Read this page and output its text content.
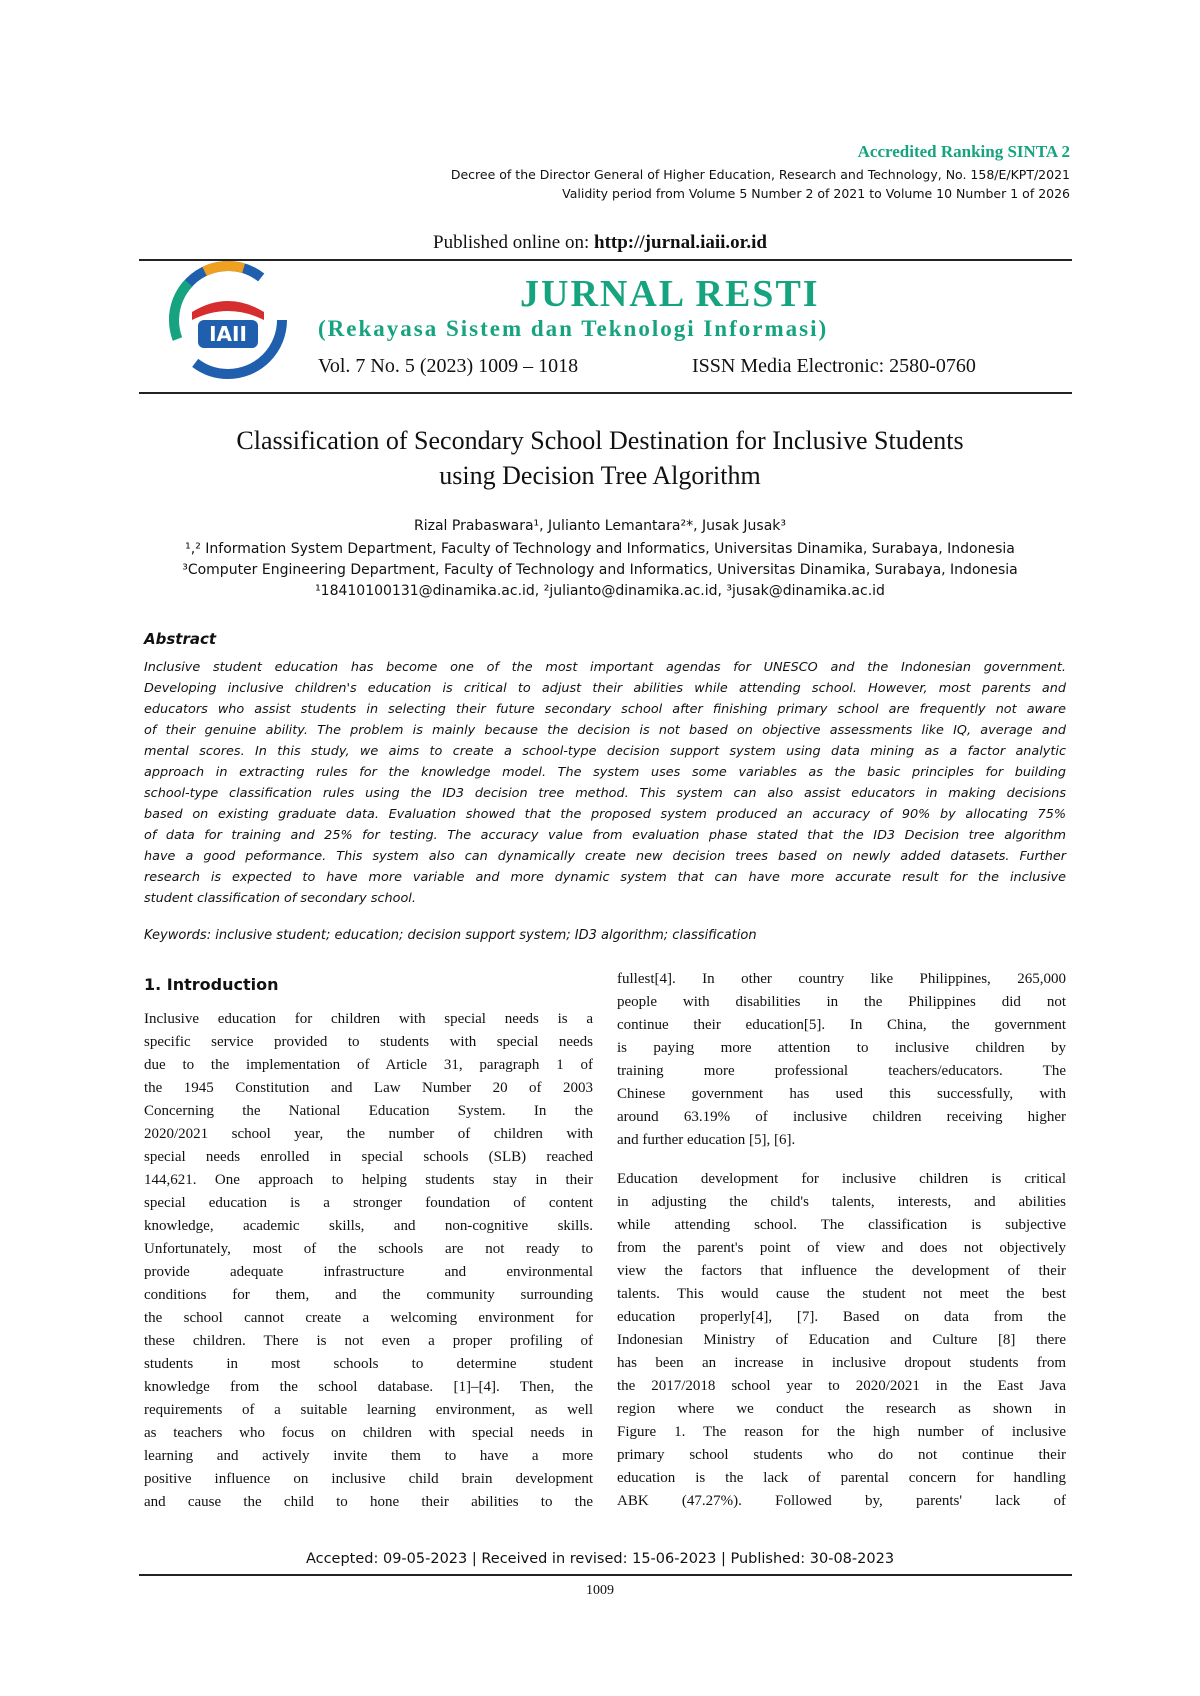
Accredited Ranking SINTA 2
Decree of the Director General of Higher Education, Research and Technology, No. 158/E/KPT/2021
Validity period from Volume 5 Number 2 of 2021 to Volume 10 Number 1 of 2026
Published online on: http://jurnal.iaii.or.id
IAII
JURNAL RESTI
(Rekayasa Sistem dan Teknologi Informasi)
Vol. 7 No. 5 (2023) 1009 – 1018	ISSN Media Electronic: 2580-0760
Classification of Secondary School Destination for Inclusive Students
using Decision Tree Algorithm
Rizal Prabaswara¹, Julianto Lemantara²*, Jusak Jusak³
¹,² Information System Department, Faculty of Technology and Informatics, Universitas Dinamika, Surabaya, Indonesia
³Computer Engineering Department, Faculty of Technology and Informatics, Universitas Dinamika, Surabaya, Indonesia
¹18410100131@dinamika.ac.id, ²julianto@dinamika.ac.id, ³jusak@dinamika.ac.id
Abstract
Inclusive student education has become one of the most important agendas for UNESCO and the Indonesian government.
Developing inclusive children's education is critical to adjust their abilities while attending school. However, most parents and
educators who assist students in selecting their future secondary school after finishing primary school are frequently not aware
of their genuine ability. The problem is mainly because the decision is not based on objective assessments like IQ, average and
mental scores. In this study, we aims to create a school-type decision support system using data mining as a factor analytic
approach in extracting rules for the knowledge model. The system uses some variables as the basic principles for building
school-type classification rules using the ID3 decision tree method. This system can also assist educators in making decisions
based on existing graduate data. Evaluation showed that the proposed system produced an accuracy of 90% by allocating 75%
of data for training and 25% for testing. The accuracy value from evaluation phase stated that the ID3 Decision tree algorithm
have a good peformance. This system also can dynamically create new decision trees based on newly added datasets. Further
research is expected to have more variable and more dynamic system that can have more accurate result for the inclusive
student classification of secondary school.
Keywords: inclusive student; education; decision support system; ID3 algorithm; classification
1. Introduction
Inclusive education for children with special needs is a
specific service provided to students with special needs
due to the implementation of Article 31, paragraph 1 of
the 1945 Constitution and Law Number 20 of 2003
Concerning the National Education System. In the
2020/2021 school year, the number of children with
special needs enrolled in special schools (SLB) reached
144,621. One approach to helping students stay in their
special education is a stronger foundation of content
knowledge, academic skills, and non-cognitive skills.
Unfortunately, most of the schools are not ready to
provide adequate infrastructure and environmental
conditions for them, and the community surrounding
the school cannot create a welcoming environment for
these children. There is not even a proper profiling of
students in most schools to determine student
knowledge from the school database. [1]–[4]. Then, the
requirements of a suitable learning environment, as well
as teachers who focus on children with special needs in
learning and actively invite them to have a more
positive influence on inclusive child brain development
and cause the child to hone their abilities to the
fullest[4]. In other country like Philippines, 265,000
people with disabilities in the Philippines did not
continue their education[5]. In China, the government
is paying more attention to inclusive children by
training more professional teachers/educators. The
Chinese government has used this successfully, with
around 63.19% of inclusive children receiving higher
and further education [5], [6].
Education development for inclusive children is critical
in adjusting the child's talents, interests, and abilities
while attending school. The classification is subjective
from the parent's point of view and does not objectively
view the factors that influence the development of their
talents. This would cause the student not meet the best
education properly[4], [7]. Based on data from the
Indonesian Ministry of Education and Culture [8] there
has been an increase in inclusive dropout students from
the 2017/2018 school year to 2020/2021 in the East Java
region where we conduct the research as shown in
Figure 1. The reason for the high number of inclusive
primary school students who do not continue their
education is the lack of parental concern for handling
ABK (47.27%). Followed by, parents' lack of
Accepted: 09-05-2023 | Received in revised: 15-06-2023 | Published: 30-08-2023
1009
